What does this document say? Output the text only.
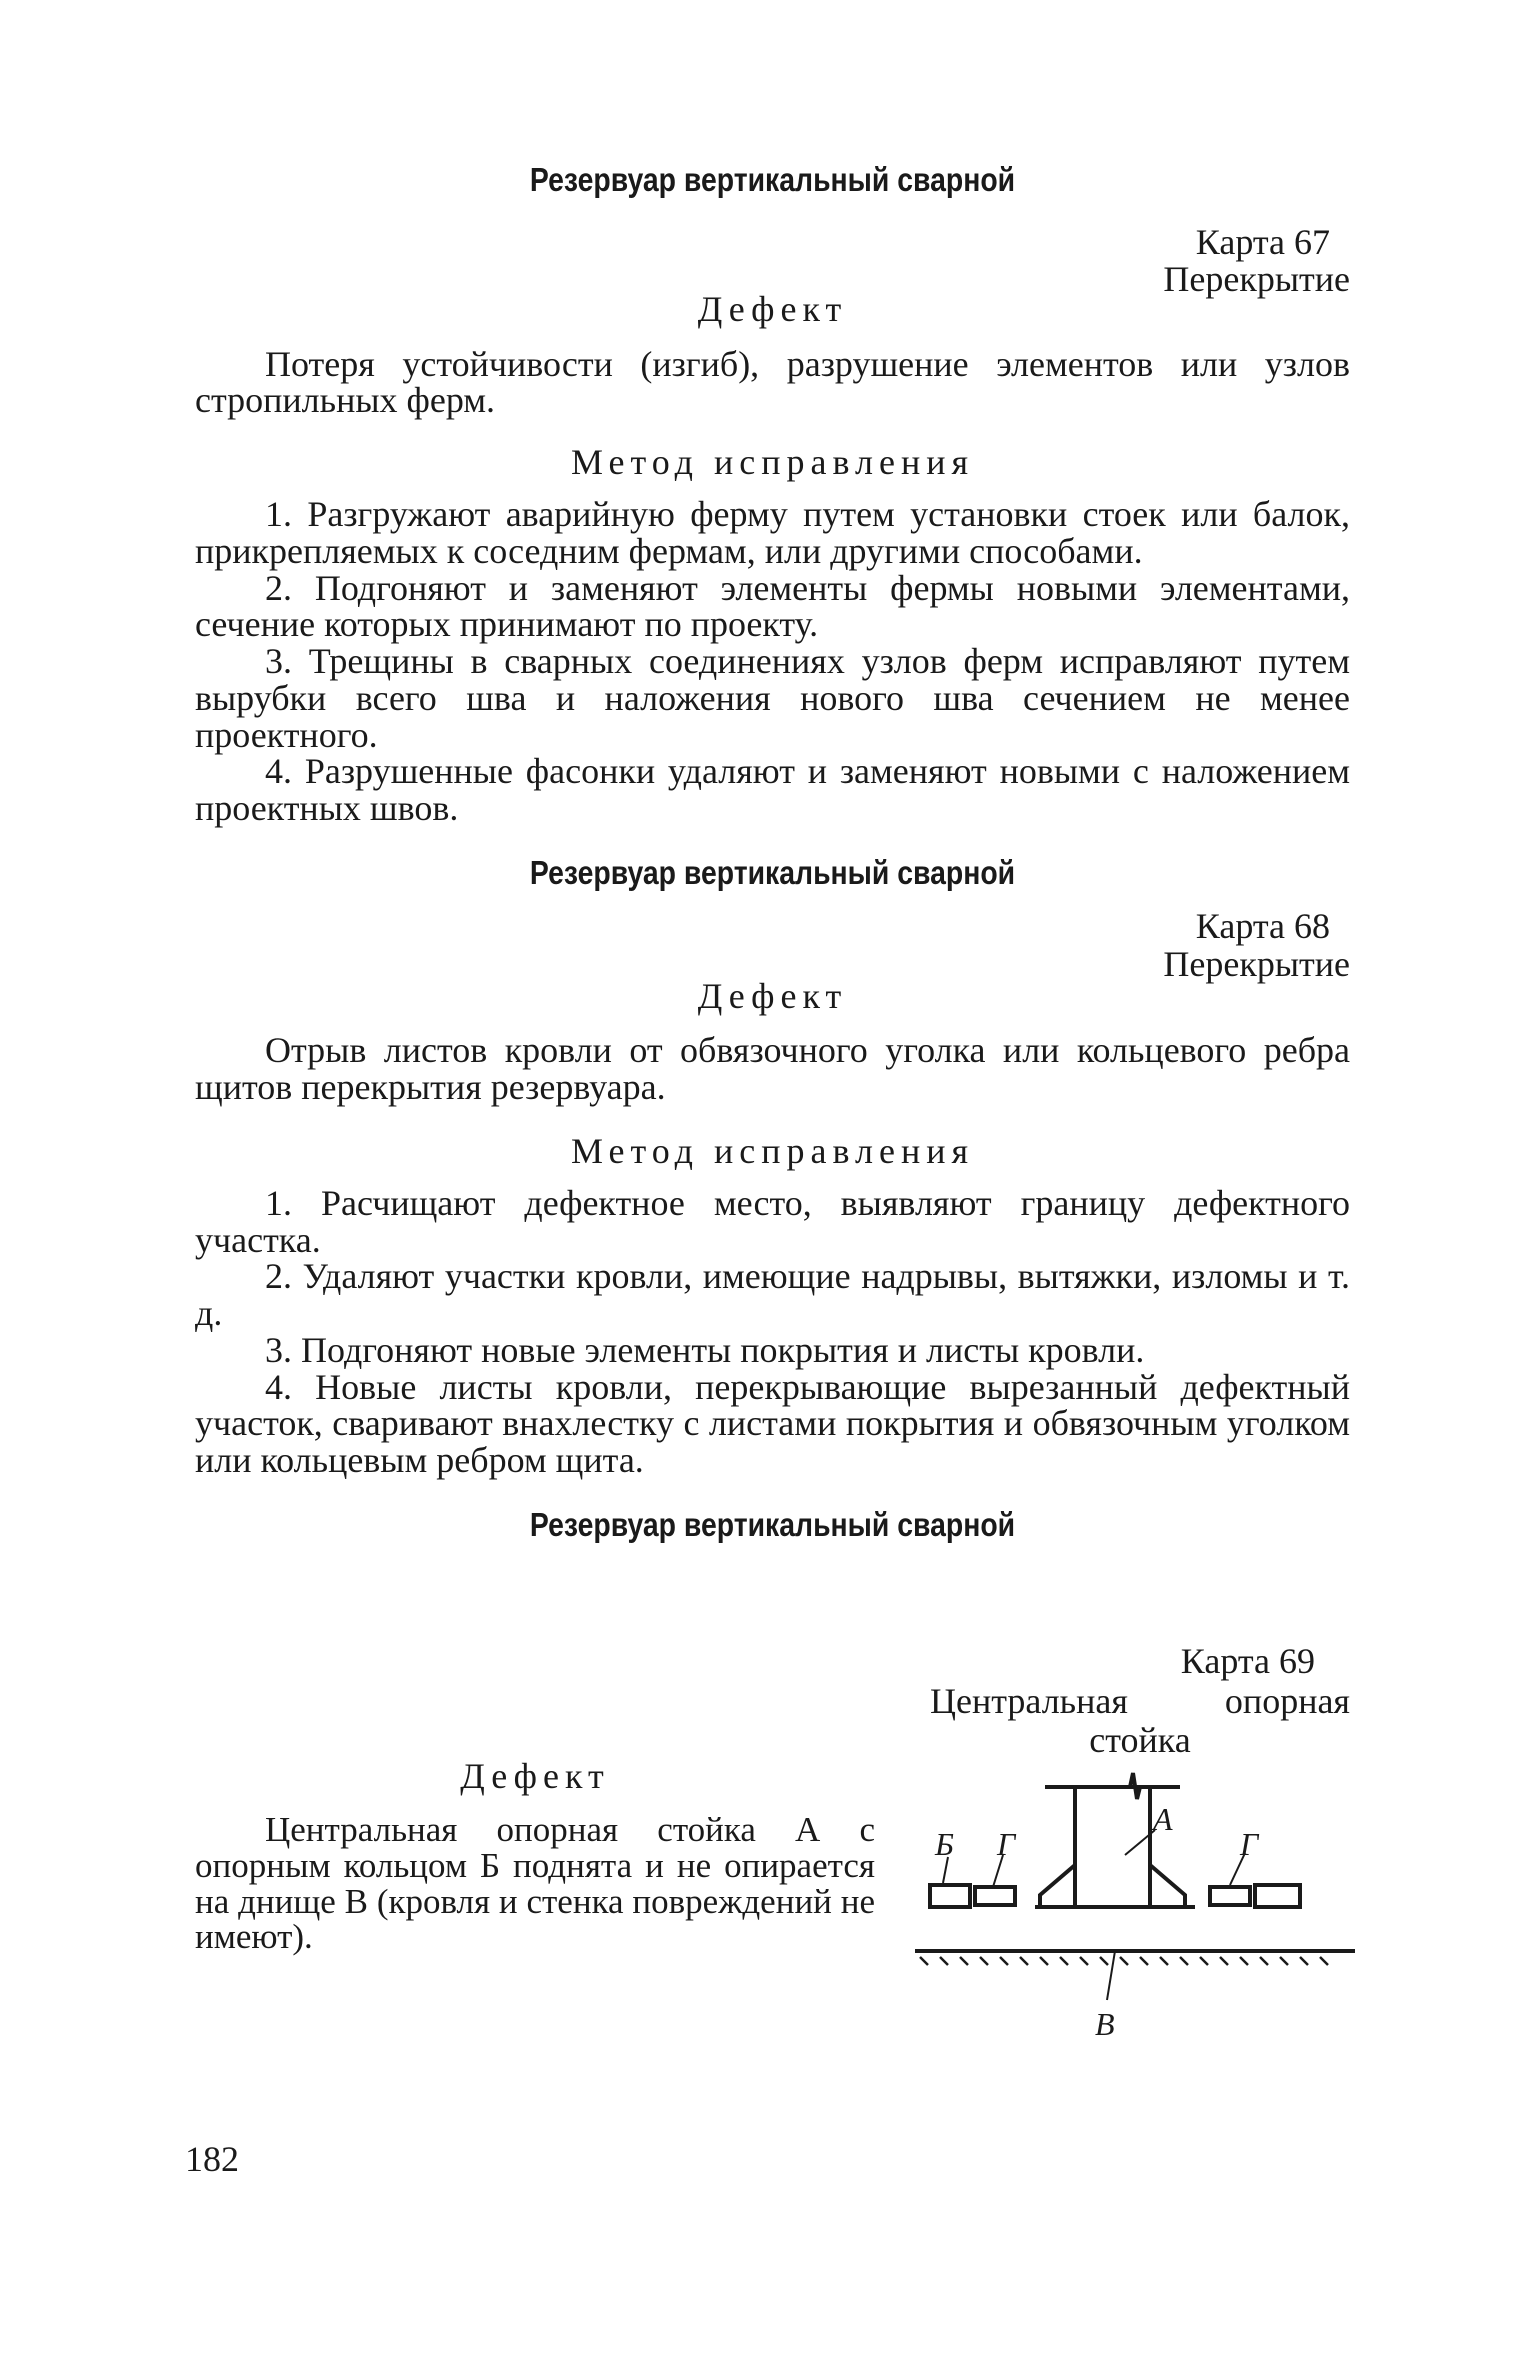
Резервуар вертикальный сварной
Карта 67
Перекрытие
Дефект

Потеря устойчивости (изгиб), разрушение элементов или узлов стропильных ферм.

Метод исправления

1. Разгружают аварийную ферму путем установки стоек или балок, прикрепляемых к соседним фермам, или другими способами.

2. Подгоняют и заменяют элементы фермы новыми элементами, сечение которых принимают по проекту.

3. Трещины в сварных соединениях узлов ферм исправляют путем вырубки всего шва и наложения нового шва сечением не менее проектного.

4. Разрушенные фасонки удаляют и заменяют новыми с наложением проектных швов.

Резервуар вертикальный сварной
Карта 68
Перекрытие
Дефект

Отрыв листов кровли от обвязочного уголка или кольцевого ребра щитов перекрытия резервуара.

Метод исправления

1. Расчищают дефектное место, выявляют границу дефектного участка.

2. Удаляют участки кровли, имеющие надрывы, вытяжки, изломы и т. д.

3. Подгоняют новые элементы покрытия и листы кровли.

4. Новые листы кровли, перекрывающие вырезанный дефектный участок, сваривают внахлестку с листами покрытия и обвязочным уголком или кольцевым ребром щита.

Резервуар вертикальный сварной
Карта 69
Центральная опорная
стойка
Дефект

Центральная опорная стойка А с опорным кольцом Б поднята и не опирается на днище В (кровля и стенка повреждений не имеют).

А
Б Г	Г
В
182
